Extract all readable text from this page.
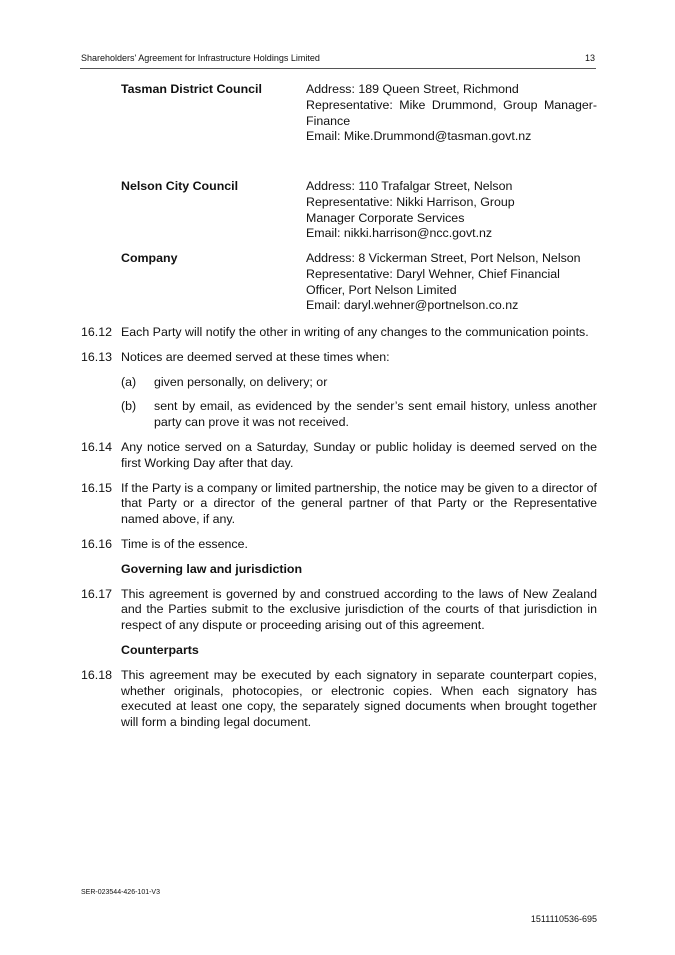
Shareholders' Agreement for Infrastructure Holdings Limited	13
Tasman District Council	Address: 189 Queen Street, Richmond
Representative: Mike Drummond, Group Manager-Finance
Email: Mike.Drummond@tasman.govt.nz
Nelson City Council	Address: 110 Trafalgar Street, Nelson
Representative: Nikki Harrison, Group
Manager Corporate Services
Email: nikki.harrison@ncc.govt.nz
Company	Address: 8 Vickerman Street, Port Nelson, Nelson
Representative: Daryl Wehner, Chief Financial
Officer, Port Nelson Limited
Email: daryl.wehner@portnelson.co.nz
16.12 Each Party will notify the other in writing of any changes to the communication points.
16.13 Notices are deemed served at these times when:
(a) given personally, on delivery; or
(b) sent by email, as evidenced by the sender’s sent email history, unless another party can prove it was not received.
16.14 Any notice served on a Saturday, Sunday or public holiday is deemed served on the first Working Day after that day.
16.15 If the Party is a company or limited partnership, the notice may be given to a director of that Party or a director of the general partner of that Party or the Representative named above, if any.
16.16 Time is of the essence.
Governing law and jurisdiction
16.17 This agreement is governed by and construed according to the laws of New Zealand and the Parties submit to the exclusive jurisdiction of the courts of that jurisdiction in respect of any dispute or proceeding arising out of this agreement.
Counterparts
16.18 This agreement may be executed by each signatory in separate counterpart copies, whether originals, photocopies, or electronic copies. When each signatory has executed at least one copy, the separately signed documents when brought together will form a binding legal document.
SER-023544-426-101-V3
1511110536-695
